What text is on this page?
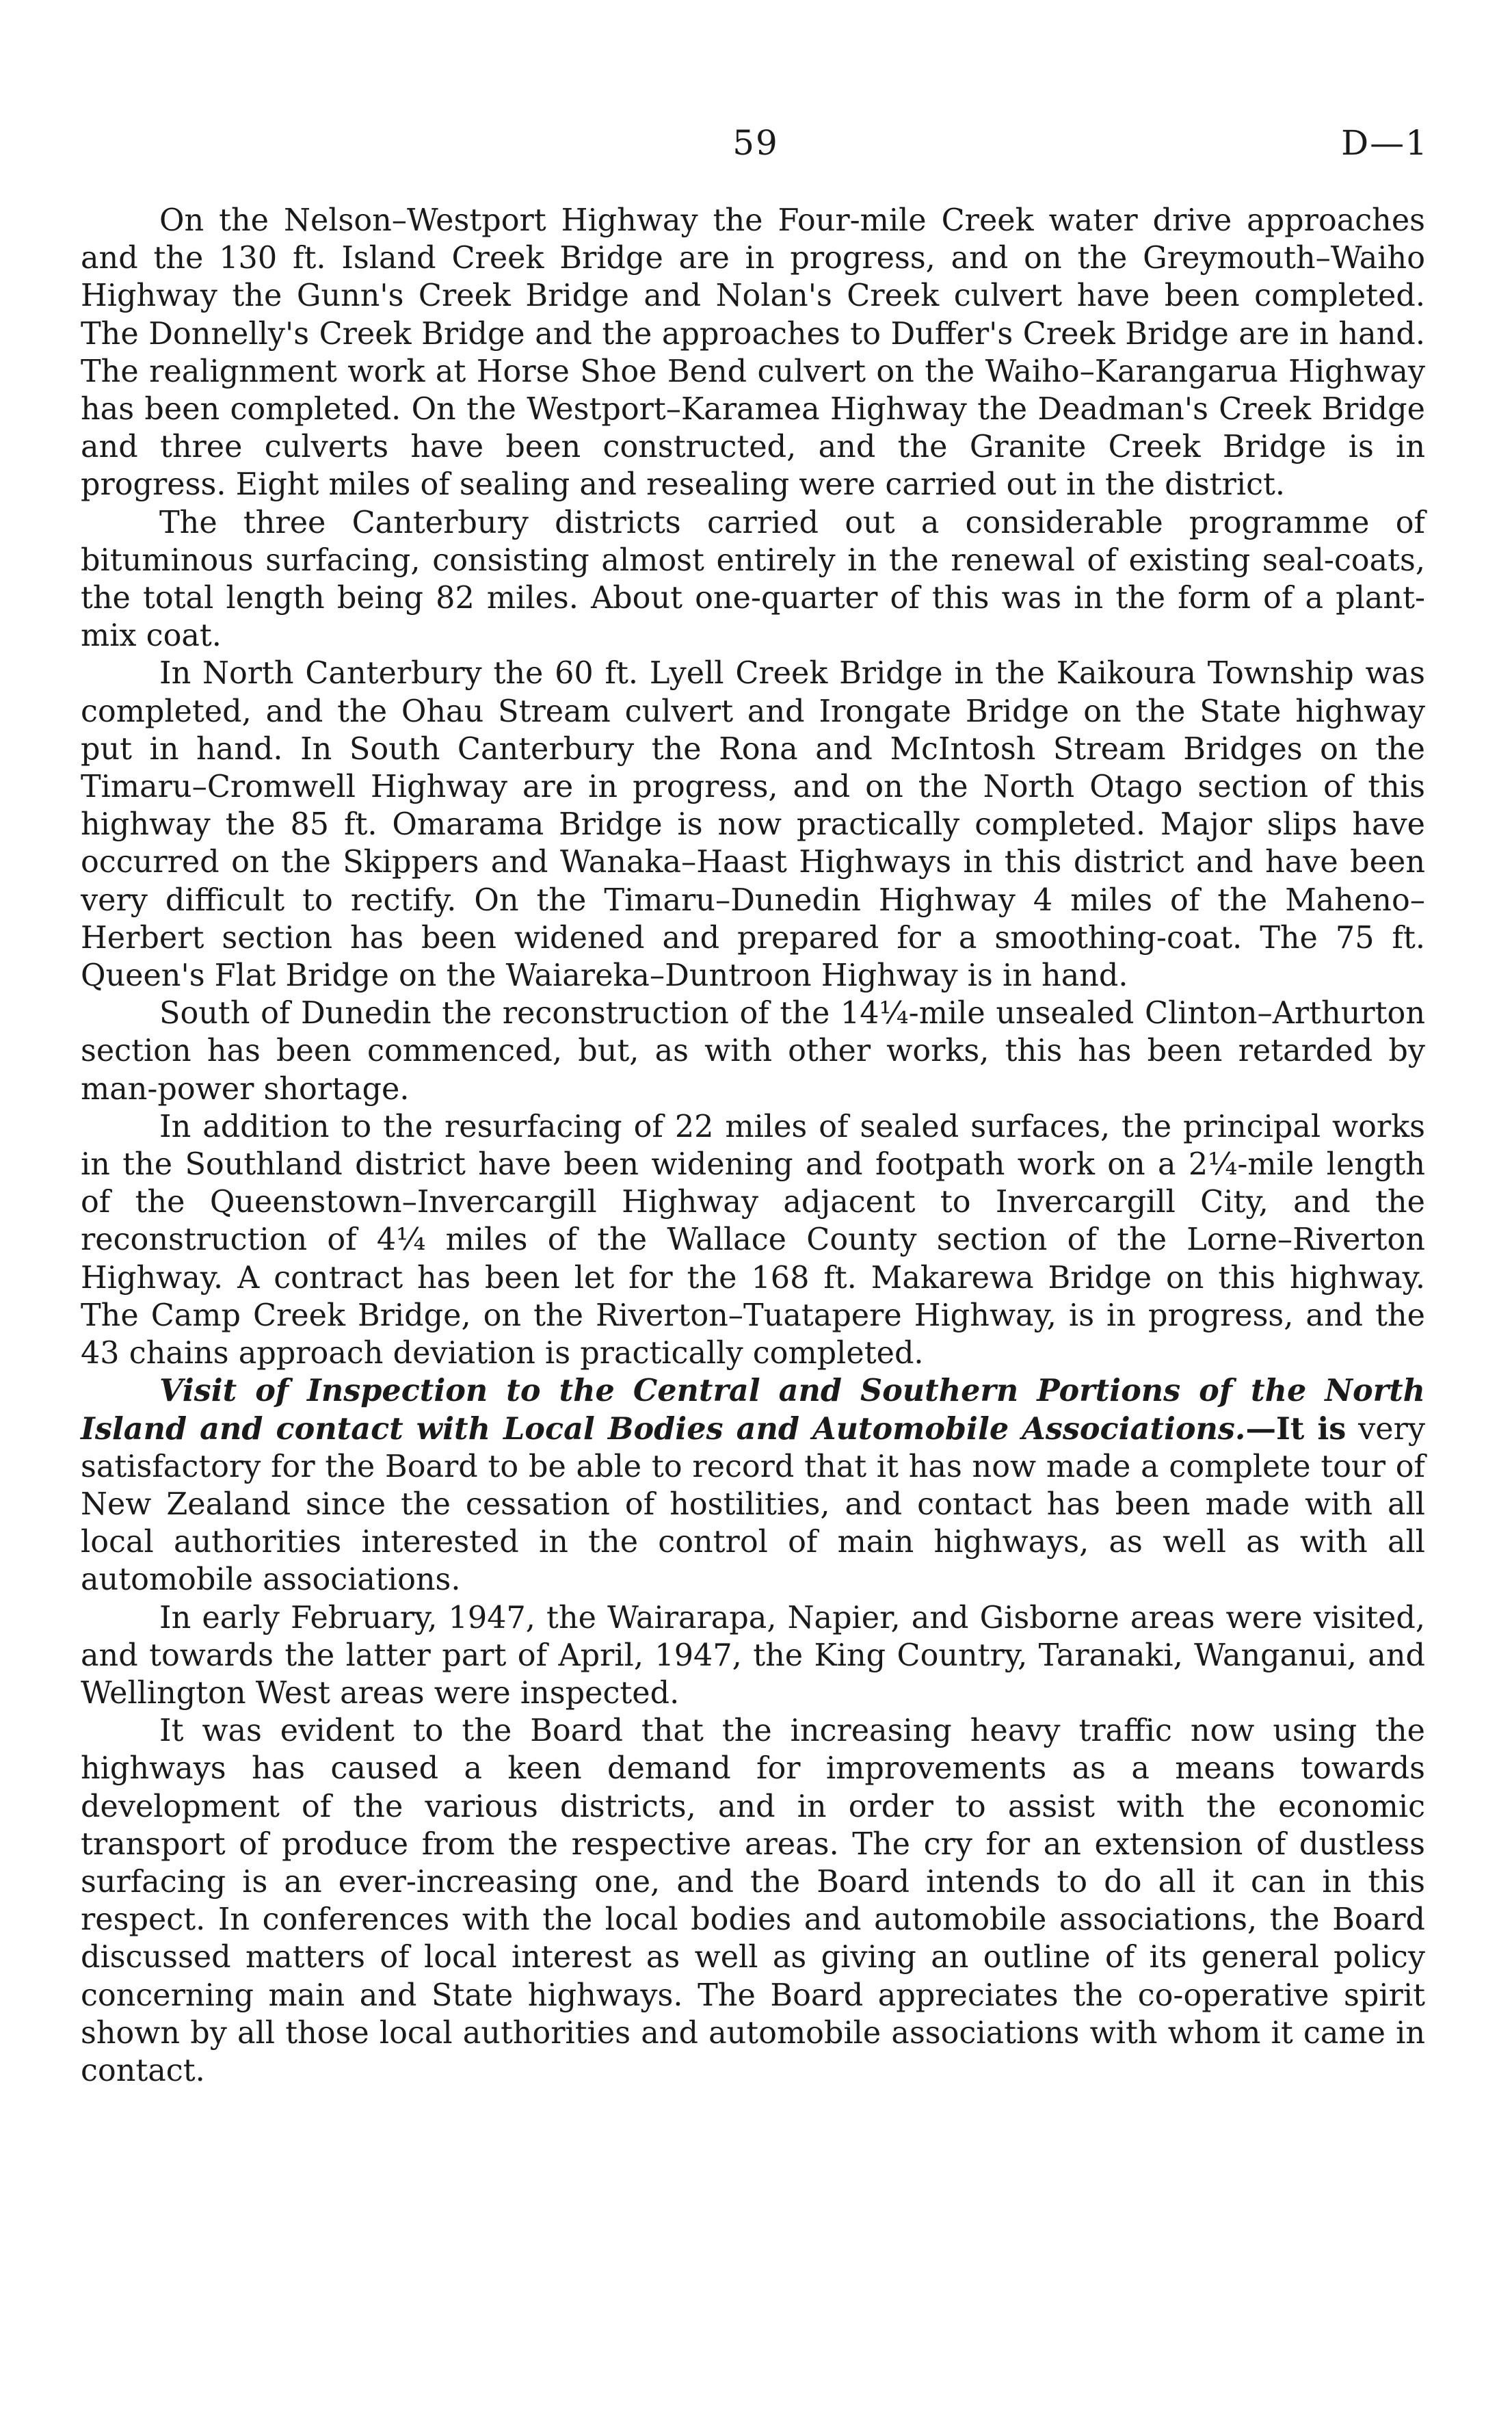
59	D—1

On the Nelson–Westport Highway the Four-mile Creek water drive approaches and the 130 ft. Island Creek Bridge are in progress, and on the Greymouth–Waiho Highway the Gunn's Creek Bridge and Nolan's Creek culvert have been completed. The Donnelly's Creek Bridge and the approaches to Duffer's Creek Bridge are in hand. The realignment work at Horse Shoe Bend culvert on the Waiho–Karangarua Highway has been completed. On the Westport–Karamea Highway the Deadman's Creek Bridge and three culverts have been constructed, and the Granite Creek Bridge is in progress. Eight miles of sealing and resealing were carried out in the district.

The three Canterbury districts carried out a considerable programme of bituminous surfacing, consisting almost entirely in the renewal of existing seal-coats, the total length being 82 miles. About one-quarter of this was in the form of a plant-mix coat.

In North Canterbury the 60 ft. Lyell Creek Bridge in the Kaikoura Township was completed, and the Ohau Stream culvert and Irongate Bridge on the State highway put in hand. In South Canterbury the Rona and McIntosh Stream Bridges on the Timaru–Cromwell Highway are in progress, and on the North Otago section of this highway the 85 ft. Omarama Bridge is now practically completed. Major slips have occurred on the Skippers and Wanaka–Haast Highways in this district and have been very difficult to rectify. On the Timaru–Dunedin Highway 4 miles of the Maheno–Herbert section has been widened and prepared for a smoothing-coat. The 75 ft. Queen's Flat Bridge on the Waiareka–Duntroon Highway is in hand.

South of Dunedin the reconstruction of the 14¼-mile unsealed Clinton–Arthurton section has been commenced, but, as with other works, this has been retarded by man-power shortage.

In addition to the resurfacing of 22 miles of sealed surfaces, the principal works in the Southland district have been widening and footpath work on a 2¼-mile length of the Queenstown–Invercargill Highway adjacent to Invercargill City, and the reconstruction of 4¼ miles of the Wallace County section of the Lorne–Riverton Highway. A contract has been let for the 168 ft. Makarewa Bridge on this highway. The Camp Creek Bridge, on the Riverton–Tuatapere Highway, is in progress, and the 43 chains approach deviation is practically completed.

Visit of Inspection to the Central and Southern Portions of the North Island and contact with Local Bodies and Automobile Associations.—It is very satisfactory for the Board to be able to record that it has now made a complete tour of New Zealand since the cessation of hostilities, and contact has been made with all local authorities interested in the control of main highways, as well as with all automobile associations.

In early February, 1947, the Wairarapa, Napier, and Gisborne areas were visited, and towards the latter part of April, 1947, the King Country, Taranaki, Wanganui, and Wellington West areas were inspected.

It was evident to the Board that the increasing heavy traffic now using the highways has caused a keen demand for improvements as a means towards development of the various districts, and in order to assist with the economic transport of produce from the respective areas. The cry for an extension of dustless surfacing is an ever-increasing one, and the Board intends to do all it can in this respect. In conferences with the local bodies and automobile associations, the Board discussed matters of local interest as well as giving an outline of its general policy concerning main and State highways. The Board appreciates the co-operative spirit shown by all those local authorities and automobile associations with whom it came in contact.
